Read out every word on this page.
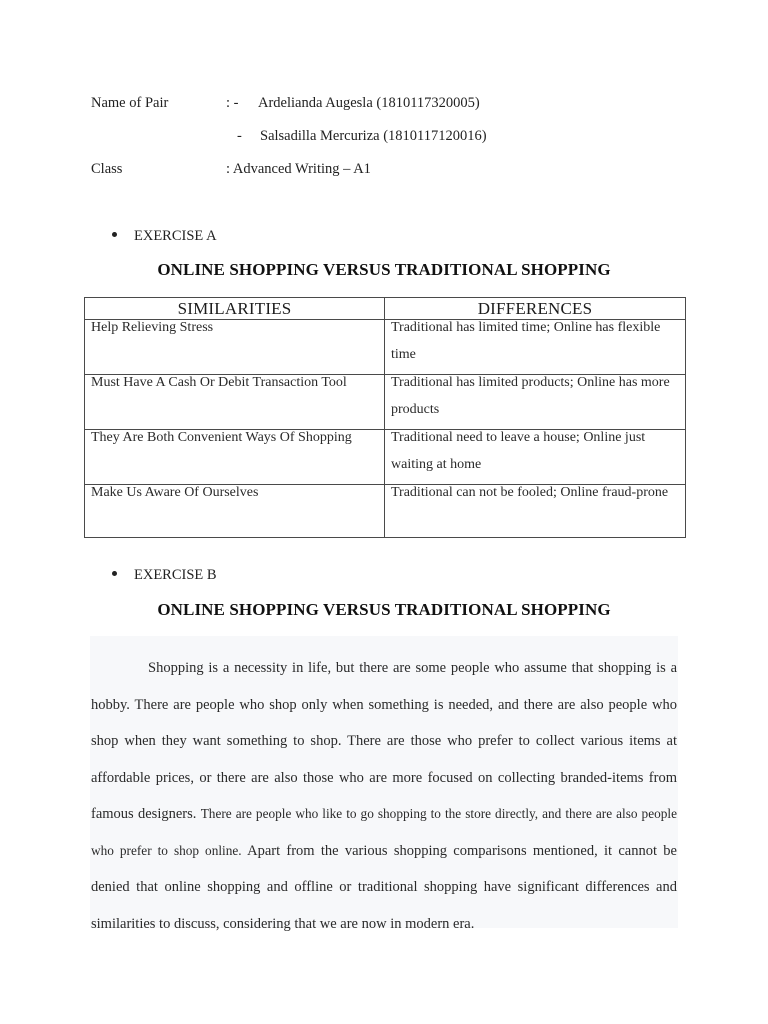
Name of Pair	: - Ardelianda Augesla (1810117320005)
- Salsadilla Mercuriza (1810117120016)
Class	: Advanced Writing – A1
EXERCISE A
ONLINE SHOPPING VERSUS TRADITIONAL SHOPPING
SIMILARITIES	DIFFERENCES

Help Relieving Stress	Traditional has limited time; Online has flexible time

Must Have A Cash Or Debit Transaction Tool	Traditional has limited products; Online has more products

They Are Both Convenient Ways Of Shopping	Traditional need to leave a house; Online just waiting at home

Make Us Aware Of Ourselves	Traditional can not be fooled; Online fraud-prone
EXERCISE B
ONLINE SHOPPING VERSUS TRADITIONAL SHOPPING

Shopping is a necessity in life, but there are some people who assume that shopping is a hobby. There are people who shop only when something is needed, and there are also people who shop when they want something to shop. There are those who prefer to collect various items at affordable prices, or there are also those who are more focused on collecting branded-items from famous designers. There are people who like to go shopping to the store directly, and there are also people who prefer to shop online. Apart from the various shopping comparisons mentioned, it cannot be denied that online shopping and offline or traditional shopping have significant differences and similarities to discuss, considering that we are now in modern era.
